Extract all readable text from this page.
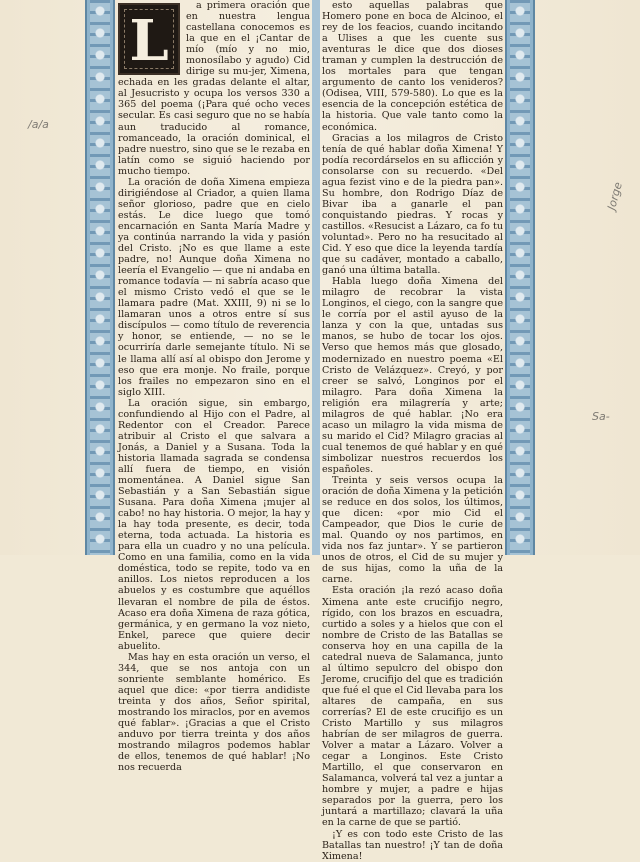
/a/a
Jorge
Sa-
L

a primera oración que en nuestra lengua castellana conocemos es la que en el ¡Cantar de mío (mío y no mio, monosílabo y agudo) Cid dirige su mu-jer, Ximena, echada en les gradas delante el altar, al Jesucristo y ocupa los versos 330 a 365 del poema (¡Para qué ocho veces secular. Es casi seguro que no se había aun traducido al romance, romanceado, la oración dominical, el padre nuestro, sino que se le rezaba en latín como se siguió haciendo por mucho tiempo.

La oración de doña Ximena empieza dirigiéndose al Criador, a quien llama señor glorioso, padre que en cielo estás. Le dice luego que tomó encarnación en Santa María Madre y ya continúa narrando la vida y pasión del Cristo. ¡No es que llame a este padre, no! Aunque doña Ximena no leería el Evangelio — que ni andaba en romance todavía — ni sabría acaso que el mismo Cristo vedó el que se le llamara padre (Mat. XXIII, 9) ni se lo llamaran unos a otros entre sí sus discípulos — como título de reverencia y honor, se entiende, — no se le ocurriría darle semejante título. Ni se le llama allí así al obispo don Jerome y eso que era monje. No fraile, porque los frailes no empezaron sino en el siglo XIII.

La oración sigue, sin embargo, confundiendo al Hijo con el Padre, al Redentor con el Creador. Parece atribuir al Cristo el que salvara a Jonás, a Daniel y a Susana. Toda la historia llamada sagrada se condensa allí fuera de tiempo, en visión momentánea. A Daniel sigue San Sebastián y a San Sebastián sigue Susana. Para doña Ximena ¡mujer al cabo! no hay historia. O mejor, la hay y la hay toda presente, es decir, toda eterna, toda actuada. La historia es para ella un cuadro y no una película. Como en una familia, como en la vida doméstica, todo se repite, todo va en anillos. Los nietos reproducen a los abuelos y es costumbre que aquéllos llevaran el nombre de pila de éstos. Acaso era doña Ximena de raza gótica, germánica, y en germano la voz nieto, Enkel, parece que quiere decir abuelito.

Mas hay en esta oración un verso, el 344, que se nos antoja con un sonriente semblante homérico. Es aquel que dice: «por tierra andidiste treinta y dos años, Señor spirital, mostrando los miraclos, por en avemos qué fablar». ¡Gracias a que el Cristo anduvo por tierra treinta y dos años mostrando milagros podemos hablar de ellos, tenemos de qué hablar! ¡No nos recuerda

esto aquellas palabras que Homero pone en boca de Alcinoo, el rey de los feacios, cuando incitando a Ulises a que les cuente sus aventuras le dice que dos dioses traman y cumplen la destrucción de los mortales para que tengan argumento de canto los venideros? (Odisea, VIII, 579-580). Lo que es la esencia de la concepción estética de la historia. Que vale tanto como la económica.

Gracias a los milagros de Cristo tenía de qué hablar doña Ximena! Y podía recordárselos en su aflicción y consolarse con su recuerdo. «Del agua fezist vino e de la piedra pan». Su hombre, don Rodrigo Díaz de Bivar iba a ganarle el pan conquistando piedras. Y rocas y castillos. «Resucist a Lázaro, ca fo tu voluntad». Pero no ha resucitado al Cid. Y eso que dice la leyenda tardía que su cadáver, montado a caballo, ganó una última batalla.

Habla luego doña Ximena del milagro de recobrar la vista Longinos, el ciego, con la sangre que le corría por el astil ayuso de la lanza y con la que, untadas sus manos, se hubo de tocar los ojos. Verso que hemos más que glosado, modernizado en nuestro poema «El Cristo de Velázquez». Creyó, y por creer se salvó, Longinos por el milagro. Para doña Ximena la religión era milagrería y arte; milagros de qué hablar. ¡No era acaso un milagro la vida misma de su marido el Cid? Milagro gracias al cual tenemos de qué hablar y en qué simbolizar nuestros recuerdos los españoles.

Treinta y seis versos ocupa la oración de doña Ximena y la petición se reduce en dos solos, los últimos, que dicen: «por mio Cid el Campeador, que Dios le curie de mal. Quando oy nos partimos, en vida nos faz juntar». Y se partieron unos de otros, el Cid de su mujer y de sus hijas, como la uña de la carne.

Esta oración ¡la rezó acaso doña Ximena ante este crucifijo negro, rígido, con los brazos en escuadra, curtido a soles y a hielos que con el nombre de Cristo de las Batallas se conserva hoy en una capilla de la catedral nueva de Salamanca, junto al último sepulcro del obispo don Jerome, crucifijo del que es tradición que fué el que el Cid llevaba para los altares de campaña, en sus correrías? El de este crucifijo es un Cristo Martillo y sus milagros habrían de ser milagros de guerra. Volver a matar a Lázaro. Volver a cegar a Longinos. Este Cristo Martillo, el que conservaron en Salamanca, volverá tal vez a juntar a hombre y mujer, a padre e hijas separados por la guerra, pero los juntará a martillazo; clavará la uña en la carne de que se partió.

¡Y es con todo este Cristo de las Batallas tan nuestro! ¡Y tan de doña Ximena!
